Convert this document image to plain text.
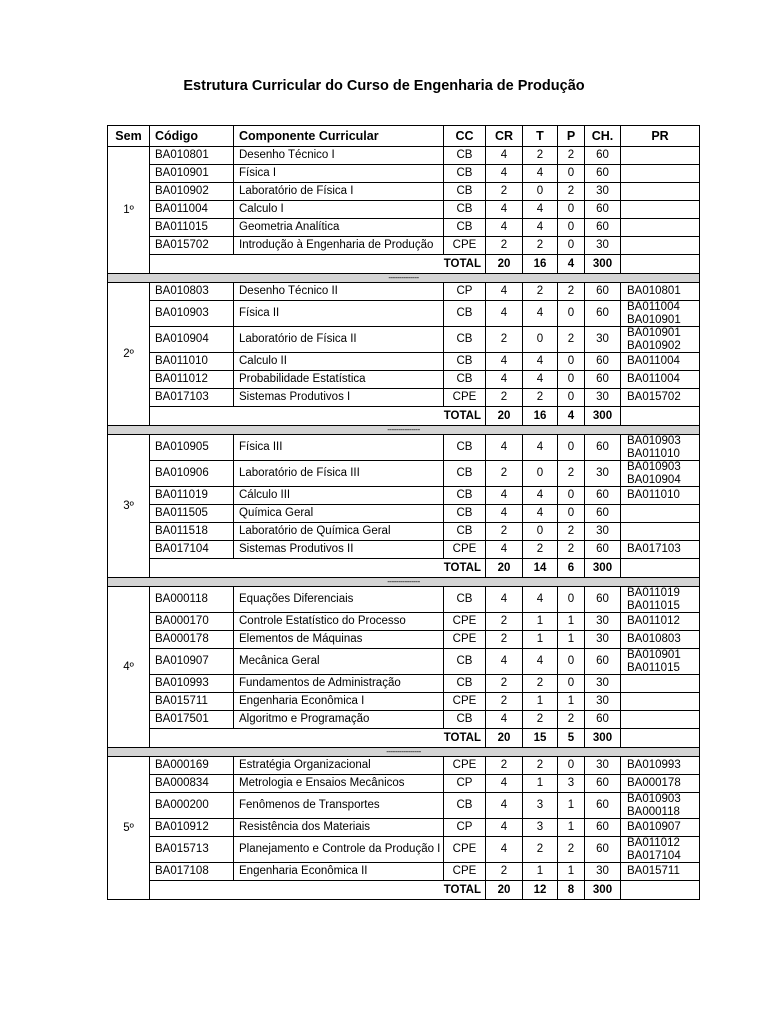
Estrutura Curricular do Curso de Engenharia de Produção
Sem	Código	Componente Curricular	CC	CR	T	P	CH.	PR
1º	BA010801	Desenho Técnico I	CB	4	2	2	60	
	BA010901	Física I	CB	4	4	0	60	
	BA010902	Laboratório de Física I	CB	2	0	2	30	
	BA011004	Calculo I	CB	4	4	0	60	
	BA011015	Geometria Analítica	CB	4	4	0	60	
	BA015702	Introdução à Engenharia de Produção	CPE	2	2	0	30	
	TOTAL			20	16	4	300	
--------------								
2º	BA010803	Desenho Técnico II	CP	4	2	2	60	BA010801

	BA010903	Física II	CB	4	4	0	60	BA011004
BA010901

	BA010904	Laboratório de Física II	CB	2	0	2	30	BA010901
BA010902

	BA011010	Calculo II	CB	4	4	0	60	BA011004

	BA011012	Probabilidade Estatística	CB	4	4	0	60	BA011004

	BA017103	Sistemas Produtivos I	CPE	2	2	0	30	BA015702

	TOTAL			20	16	4	300	
---------------								
3º	BA010905	Física III	CB	4	4	0	60	BA010903
BA011010

	BA010906	Laboratório de Física III	CB	2	0	2	30	BA010903
BA010904

	BA011019	Cálculo III	CB	4	4	0	60	BA011010

	BA011505	Química Geral	CB	4	4	0	60	
	BA011518	Laboratório de Química Geral	CB	2	0	2	30	
	BA017104	Sistemas Produtivos II	CPE	4	2	2	60	BA017103

	TOTAL			20	14	6	300	
---------------								
4º	BA000118	Equações Diferenciais	CB	4	4	0	60	BA011019
BA011015

	BA000170	Controle Estatístico do Processo	CPE	2	1	1	30	BA011012

	BA000178	Elementos de Máquinas	CPE	2	1	1	30	BA010803

	BA010907	Mecânica Geral	CB	4	4	0	60	BA010901
BA011015

	BA010993	Fundamentos de Administração	CB	2	2	0	30	
	BA015711	Engenharia Econômica I	CPE	2	1	1	30	
	BA017501	Algoritmo e Programação	CB	4	2	2	60	
	TOTAL			20	15	5	300	
----------------								
5º	BA000169	Estratégia Organizacional	CPE	2	2	0	30	BA010993

	BA000834	Metrologia e Ensaios Mecânicos	CP	4	1	3	60	BA000178

	BA000200	Fenômenos de Transportes	CB	4	3	1	60	BA010903
BA000118

	BA010912	Resistência dos Materiais	CP	4	3	1	60	BA010907

	BA015713	Planejamento e Controle da Produção I	CPE	4	2	2	60	BA011012
BA017104

	BA017108	Engenharia Econômica II	CPE	2	1	1	30	BA015711

	TOTAL			20	12	8	300	
